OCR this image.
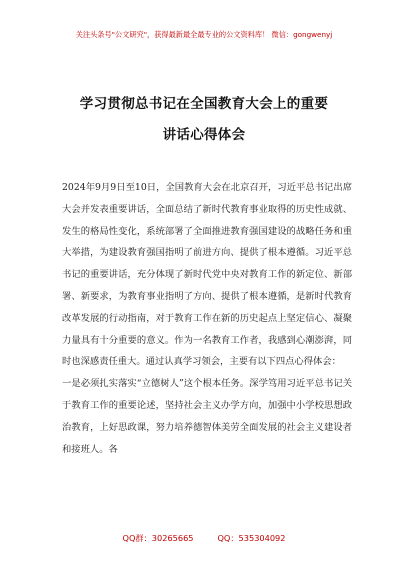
关注头条号"公文研究"，获得最新最全最专业的公文资料库！ 微信：gongwenyj
学习贯彻总书记在全国教育大会上的重要
讲话心得体会

2024年9月9日至10日，全国教育大会在北京召开，习近平总书记出席大会并发表重要讲话，全面总结了新时代教育事业取得的历史性成就、发生的格局性变化，系统部署了全面推进教育强国建设的战略任务和重大举措，为建设教育强国指明了前进方向、提供了根本遵循。习近平总书记的重要讲话，充分体现了新时代党中央对教育工作的新定位、新部署、新要求，为教育事业指明了方向、提供了根本遵循，是新时代教育改革发展的行动指南，对于教育工作在新的历史起点上坚定信心、凝聚力量具有十分重要的意义。作为一名教育工作者，我感到心潮澎湃，同时也深感责任重大。通过认真学习领会，主要有以下四点心得体会：

一是必须扎实落实“立德树人”这个根本任务。深学笃用习近平总书记关于教育工作的重要论述，坚持社会主义办学方向，加强中小学校思想政治教育，上好思政课，努力培养德智体美劳全面发展的社会主义建设者和接班人。各

QQ群：30265665	QQ：535304092
